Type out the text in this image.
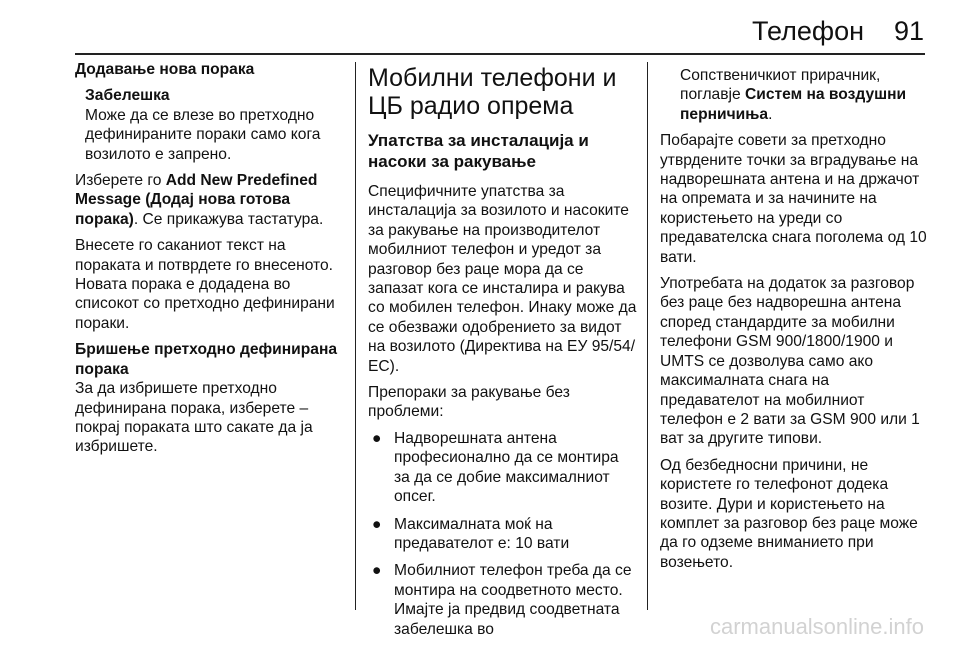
Телефон 91

Додавање нова порака

Забелешка
Може да се влезе во претходно дефинираните пораки само кога возилото е запрено.

Изберете го Add New Predefined Message (Додај нова готова порака). Се прикажува тастатура.

Внесете го саканиот текст на пораката и потврдете го внесеното. Новата порака е додадена во списокот со претходно дефинирани пораки.

Бришење претходно дефинирана порака

За да избришете претходно дефинирана порака, изберете – покрај пораката што сакате да ја избришете.

Мобилни телефони и ЦБ радио опрема
Упатства за инсталација и насоки за ракување

Специфичните упатства за инсталација за возилото и насоките за ракување на производителот мобилниот телефон и уредот за разговор без раце мора да се запазат кога се инсталира и ракува со мобилен телефон. Инаку може да се обезважи одобрението за видот на возилото (Директива на ЕУ 95/54/ ЕС).

Препораки за ракување без проблеми:

● Надворешната антена професионално да се монтира за да се добие максималниот опсег.
● Максималната моќ на предавателот е: 10 вати
● Мобилниот телефон треба да се монтира на соодветното место. Имајте ја предвид соодветната забелешка во

Сопственичкиот прирачник, поглавје Систем на воздушни перничиња.

Побарајте совети за претходно утврдените точки за вградување на надворешната антена и на држачот на опремата и за начините на користењето на уреди со предавателска снага поголема од 10 вати.

Употребата на додаток за разговор без раце без надворешна антена според стандардите за мобилни телефони GSM 900/1800/1900 и UMTS се дозволува само ако максималната снага на предавателот на мобилниот телефон е 2 вати за GSM 900 или 1 ват за другите типови.

Од безбедносни причини, не користете го телефонот додека возите. Дури и користењето на комплет за разговор без раце може да го одземе вниманието при возењето.

carmanualsonline.info
